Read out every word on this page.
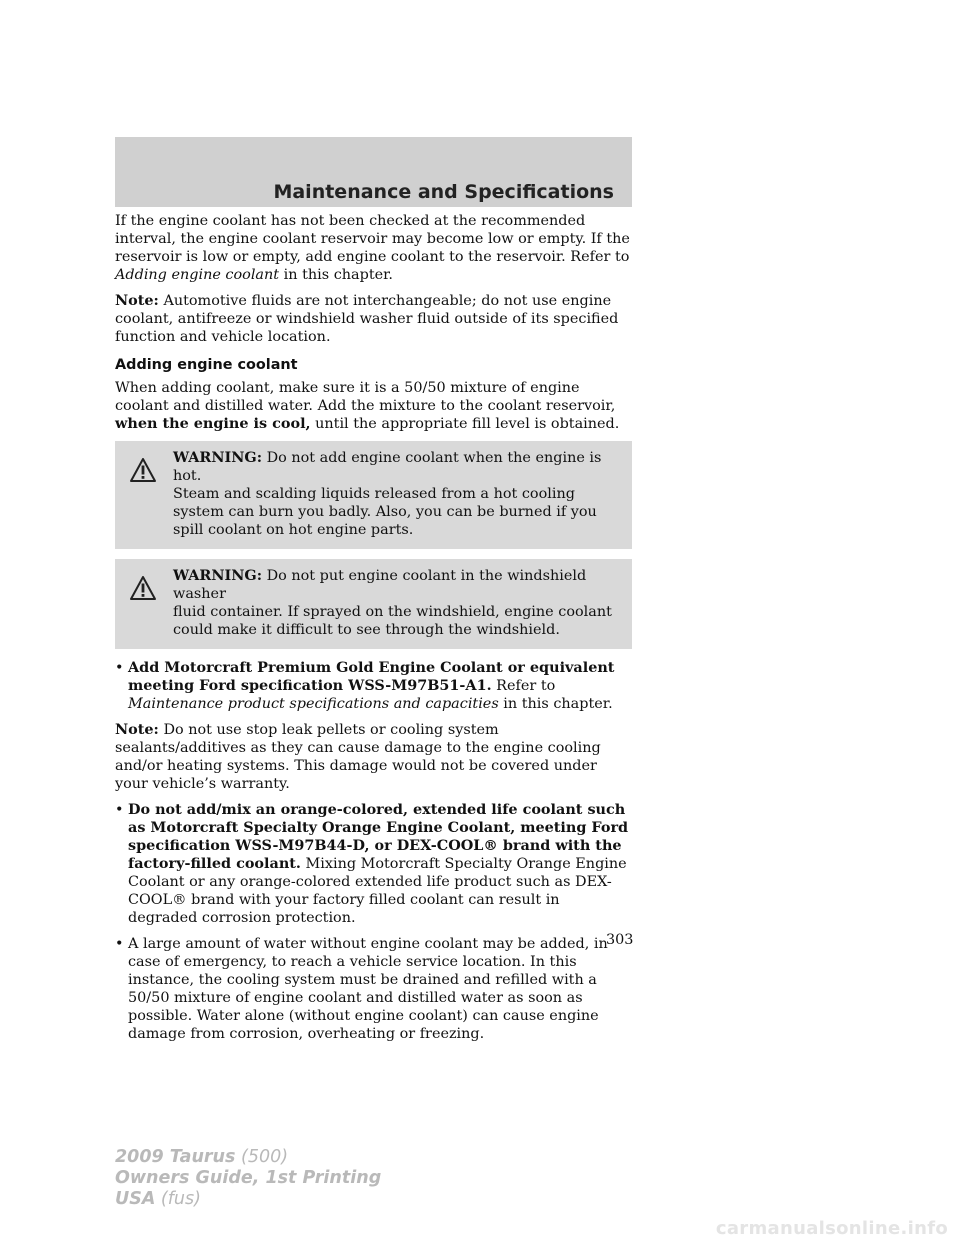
Maintenance and Specifications

If the engine coolant has not been checked at the recommended interval, the engine coolant reservoir may become low or empty. If the reservoir is low or empty, add engine coolant to the reservoir. Refer to Adding engine coolant in this chapter.

Note: Automotive fluids are not interchangeable; do not use engine coolant, antifreeze or windshield washer fluid outside of its specified function and vehicle location.

Adding engine coolant

When adding coolant, make sure it is a 50/50 mixture of engine coolant and distilled water. Add the mixture to the coolant reservoir, when the engine is cool, until the appropriate fill level is obtained.

WARNING: Do not add engine coolant when the engine is hot.
Steam and scalding liquids released from a hot cooling system can burn you badly. Also, you can be burned if you spill coolant on hot engine parts.
WARNING: Do not put engine coolant in the windshield washer
fluid container. If sprayed on the windshield, engine coolant could make it difficult to see through the windshield.
• Add Motorcraft Premium Gold Engine Coolant or equivalent meeting Ford specification WSS-M97B51-A1. Refer to Maintenance product specifications and capacities in this chapter.

Note: Do not use stop leak pellets or cooling system sealants/additives as they can cause damage to the engine cooling and/or heating systems. This damage would not be covered under your vehicle’s warranty.

• Do not add/mix an orange-colored, extended life coolant such as Motorcraft Specialty Orange Engine Coolant, meeting Ford specification WSS-M97B44-D, or DEX-COOL® brand with the factory-filled coolant. Mixing Motorcraft Specialty Orange Engine Coolant or any orange-colored extended life product such as DEX-COOL® brand with your factory filled coolant can result in degraded corrosion protection.
• A large amount of water without engine coolant may be added, in case of emergency, to reach a vehicle service location. In this instance, the cooling system must be drained and refilled with a 50/50 mixture of engine coolant and distilled water as soon as possible. Water alone (without engine coolant) can cause engine damage from corrosion, overheating or freezing.
303
2009 Taurus (500)
Owners Guide, 1st Printing
USA (fus)
carmanualsonline.info
